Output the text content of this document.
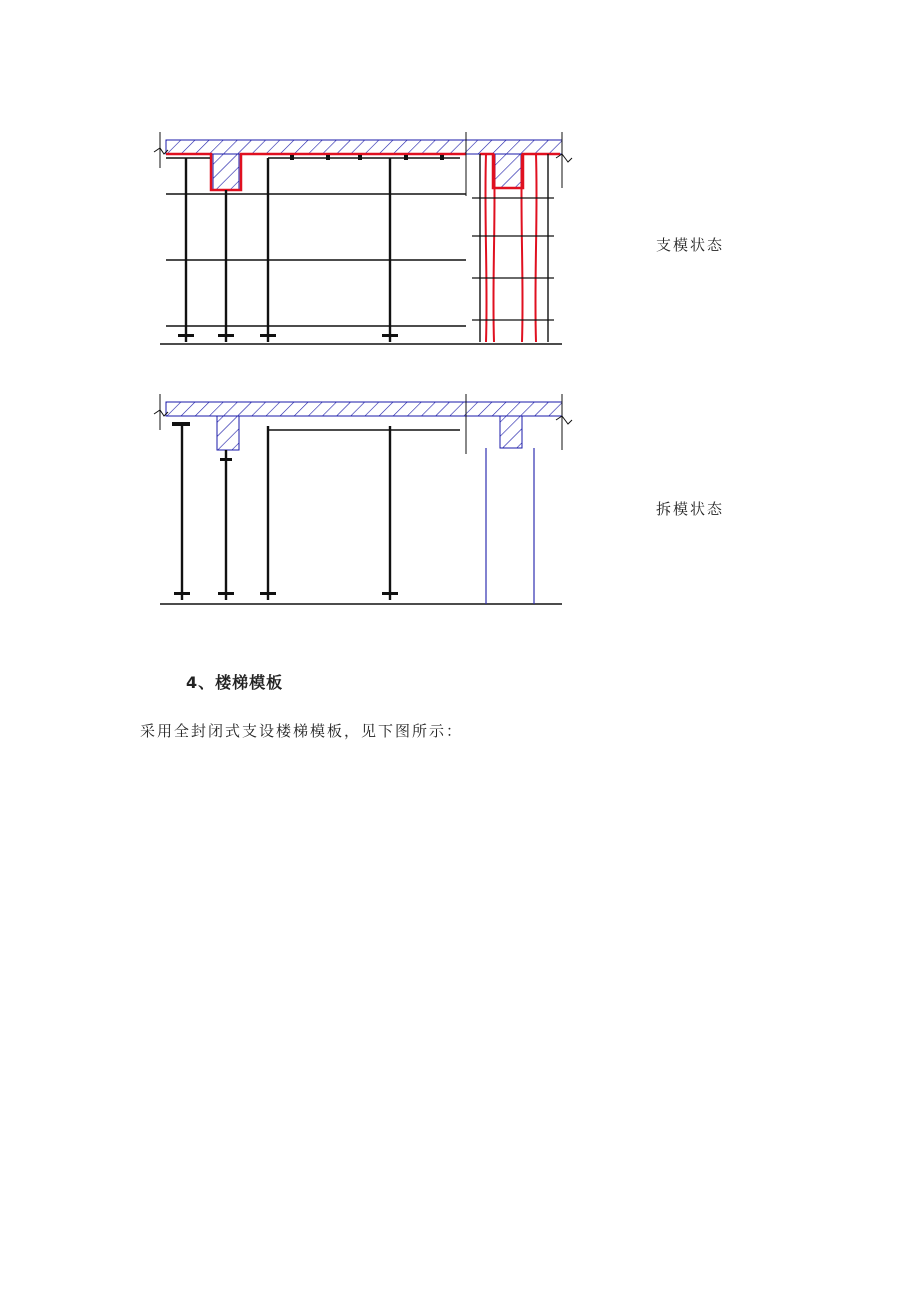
支模状态
拆模状态
4、楼梯模板
采用全封闭式支设楼梯模板，见下图所示：
